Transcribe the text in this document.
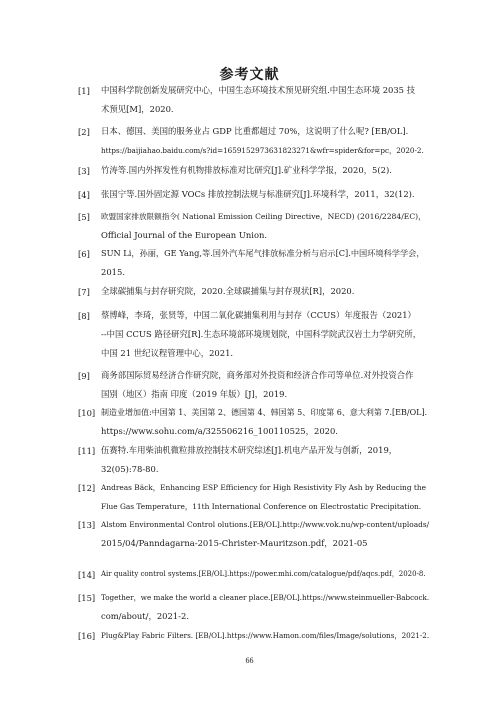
参考文献
[1] 中国科学院创新发展研究中心，中国生态环境技术预见研究组.中国生态环境 2035 技
术预见[M]，2020.
[2] 日本、德国、美国的服务业占 GDP 比重都超过 70%，这说明了什么呢? [EB/OL].
https://baijiahao.baidu.com/s?id=1659152973631823271&wfr=spider&for=pc，2020-2.
[3] 竹涛等.国内外挥发性有机物排放标准对比研究[J].矿业科学学报，2020，5(2).
[4] 张国宁等.国外固定源 VOCs 排放控制法规与标准研究[J].环境科学，2011，32(12).
[5] 欧盟国家排放限额指令( National Emission Ceiling Directive，NECD) (2016/2284/EC)，
Official Journal of the European Union.
[6] SUN Li，孙丽，GE Yang,等.国外汽车尾气排放标准分析与启示[C].中国环境科学学会，
2015.
[7] 全球碳捕集与封存研究院，2020.全球碳捕集与封存现状[R]，2020.
[8] 蔡博峰，李琦，张贤等，中国二氧化碳捕集利用与封存（CCUS）年度报告（2021）
--中国 CCUS 路径研究[R].生态环境部环境规划院，中国科学院武汉岩土力学研究所，
中国 21 世纪议程管理中心，2021.
[9] 商务部国际贸易经济合作研究院，商务部对外投资和经济合作司等单位.对外投资合作
国别（地区）指南 印度（2019 年版）[J]，2019.
[10] 制造业增加值:中国第 1、美国第 2、德国第 4、韩国第 5、印度第 6、意大利第 7.[EB/OL].
https://www.sohu.com/a/325506216_100110525，2020.
[11] 伍赛特.车用柴油机微粒排放控制技术研究综述[J].机电产品开发与创新，2019，
32(05):78-80.
[12] Andreas Bäck，Enhancing ESP Efficiency for High Resistivity Fly Ash by Reducing the
Flue Gas Temperature，11th International Conference on Electrostatic Precipitation.
[13] Alstom Environmental Control olutions.[EB/OL].http://www.vok.nu/wp-content/uploads/
2015/04/Panndagarna-2015-Christer-Mauritzson.pdf，2021-05
[14] Air quality control systems.[EB/OL].https://power.mhi.com/catalogue/pdf/aqcs.pdf，2020-8.
[15] Together，we make the world a cleaner place.[EB/OL].https://www.steinmueller-Babcock.
com/about/，2021-2.
[16] Plug&Play Fabric Filters. [EB/OL].https://www.Hamon.com/files/Image/solutions，2021-2.
66
